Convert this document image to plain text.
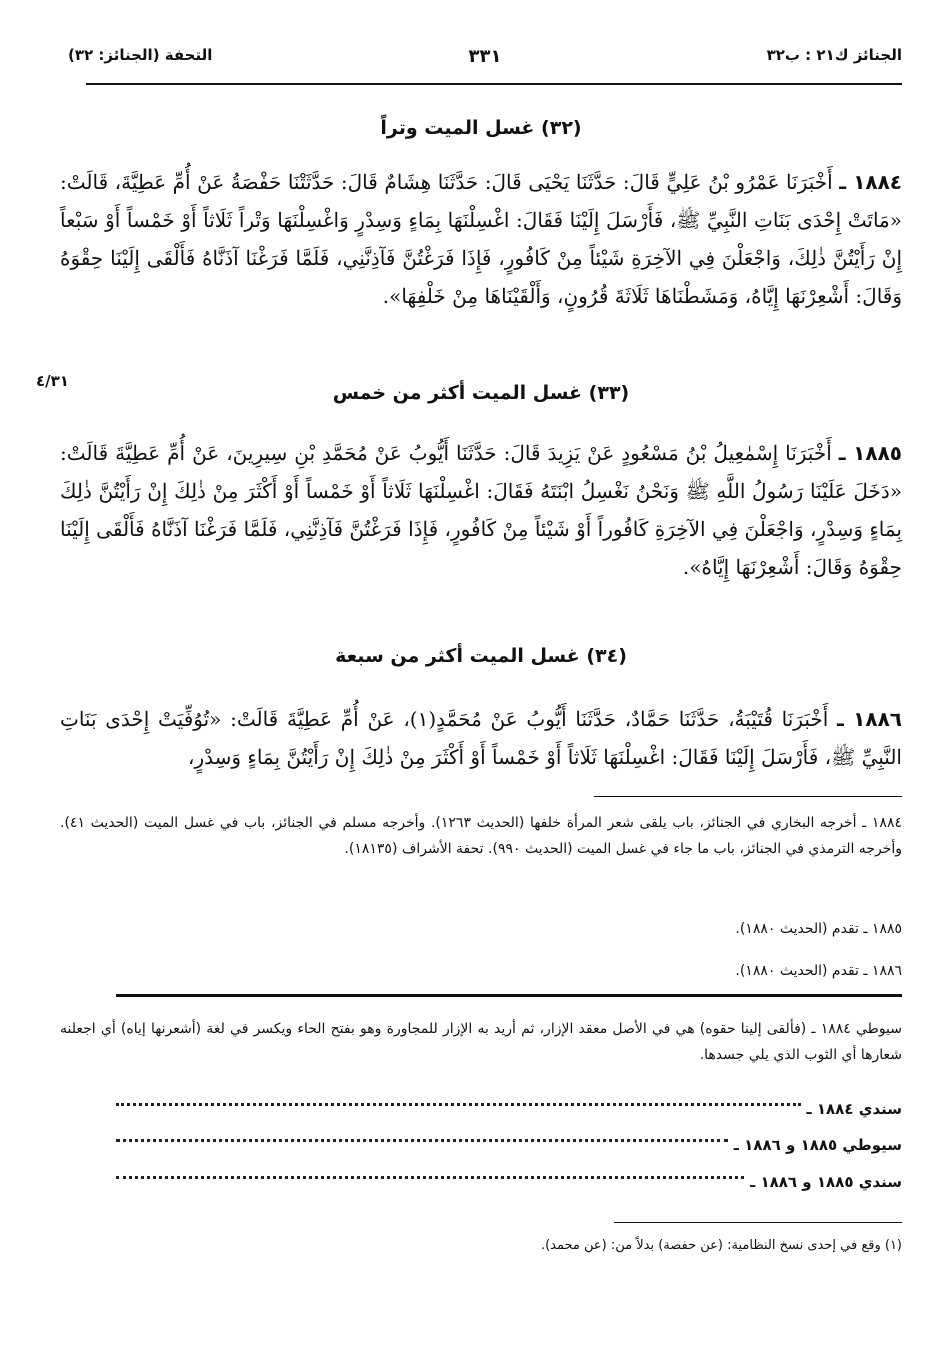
الجنائز ك٢١ : ب٣٢
٣٣١
التحفة (الجنائز: ٣٢)
(٣٢) غسل الميت وتراً
١٨٨٤ ـ أَخْبَرَنَا عَمْرُو بْنُ عَلِيٍّ قَالَ: حَدَّثَنَا يَحْيَى قَالَ: حَدَّثَنَا هِشَامٌ قَالَ: حَدَّثَتْنَا حَفْصَةُ عَنْ أُمِّ عَطِيَّةَ، قَالَتْ: «مَاتَتْ إِحْدَى بَنَاتِ النَّبِيِّ ﷺ، فَأَرْسَلَ إِلَيْنَا فَقَالَ: اغْسِلْنَهَا بِمَاءٍ وَسِدْرٍ وَاغْسِلْنَهَا وَتْراً ثَلَاثاً أَوْ خَمْساً أَوْ سَبْعاً إِنْ رَأَيْتُنَّ ذٰلِكَ، وَاجْعَلْنَ فِي الآخِرَةِ شَيْئاً مِنْ كَافُورٍ، فَإِذَا فَرَغْتُنَّ فَآذِنَّنِي، فَلَمَّا فَرَغْنَا آذَنَّاهُ فَأَلْقَى إِلَيْنَا حِقْوَهُ وَقَالَ: أَشْعِرْنَهَا إِيَّاهُ، وَمَشَطْنَاهَا ثَلَاثَةَ قُرُونٍ، وَأَلْقَيْنَاهَا مِنْ خَلْفِهَا».
٤/٣١
(٣٣) غسل الميت أكثر من خمس
١٨٨٥ ـ أَخْبَرَنَا إِسْمٰعِيلُ بْنُ مَسْعُودٍ عَنْ يَزِيدَ قَالَ: حَدَّثَنَا أَيُّوبُ عَنْ مُحَمَّدِ بْنِ سِيرِينَ، عَنْ أُمِّ عَطِيَّةَ قَالَتْ: «دَخَلَ عَلَيْنَا رَسُولُ اللَّهِ ﷺ وَنَحْنُ نَغْسِلُ ابْنَتَهُ فَقَالَ: اغْسِلْنَهَا ثَلَاثاً أَوْ خَمْساً أَوْ أَكْثَرَ مِنْ ذٰلِكَ إِنْ رَأَيْتُنَّ ذٰلِكَ بِمَاءٍ وَسِدْرٍ، وَاجْعَلْنَ فِي الآخِرَةِ كَافُوراً أَوْ شَيْئاً مِنْ كَافُورٍ، فَإِذَا فَرَغْتُنَّ فَآذِنَّنِي، فَلَمَّا فَرَغْنَا آذَنَّاهُ فَأَلْقَى إِلَيْنَا حِقْوَهُ وَقَالَ: أَشْعِرْنَهَا إِيَّاهُ».
(٣٤) غسل الميت أكثر من سبعة
١٨٨٦ ـ أَخْبَرَنَا قُتَيْبَةُ، حَدَّثَنَا حَمَّادٌ، حَدَّثَنَا أَيُّوبُ عَنْ مُحَمَّدٍ(١)، عَنْ أُمِّ عَطِيَّةَ قَالَتْ: «تُوُفِّيَتْ إِحْدَى بَنَاتِ النَّبِيِّ ﷺ، فَأَرْسَلَ إِلَيْنَا فَقَالَ: اغْسِلْنَهَا ثَلَاثاً أَوْ خَمْساً أَوْ أَكْثَرَ مِنْ ذٰلِكَ إِنْ رَأَيْتُنَّ بِمَاءٍ وَسِدْرٍ،
١٨٨٤ ـ أخرجه البخاري في الجنائز، باب يلقى شعر المرأة خلفها (الحديث ١٢٦٣). وأخرجه مسلم في الجنائز، باب في غسل الميت (الحديث ٤١). وأخرجه الترمذي في الجنائز، باب ما جاء في غسل الميت (الحديث ٩٩٠). تحفة الأشراف (١٨١٣٥).
١٨٨٥ ـ تقدم (الحديث ١٨٨٠).
١٨٨٦ ـ تقدم (الحديث ١٨٨٠).
سيوطي ١٨٨٤ ـ (فألقى إلينا حقوه) هي في الأصل معقد الإزار، ثم أريد به الإزار للمجاورة وهو بفتح الحاء ويكسر في لغة (أشعرنها إياه) أي اجعلنه شعارها أي الثوب الذي يلي جسدها.
سندي ١٨٨٤ ـ
سيوطي ١٨٨٥ و ١٨٨٦ ـ
سندي ١٨٨٥ و ١٨٨٦ ـ
(١) وقع في إحدى نسخ النظامية: (عن حفصة) بدلاً من: (عن محمد).
